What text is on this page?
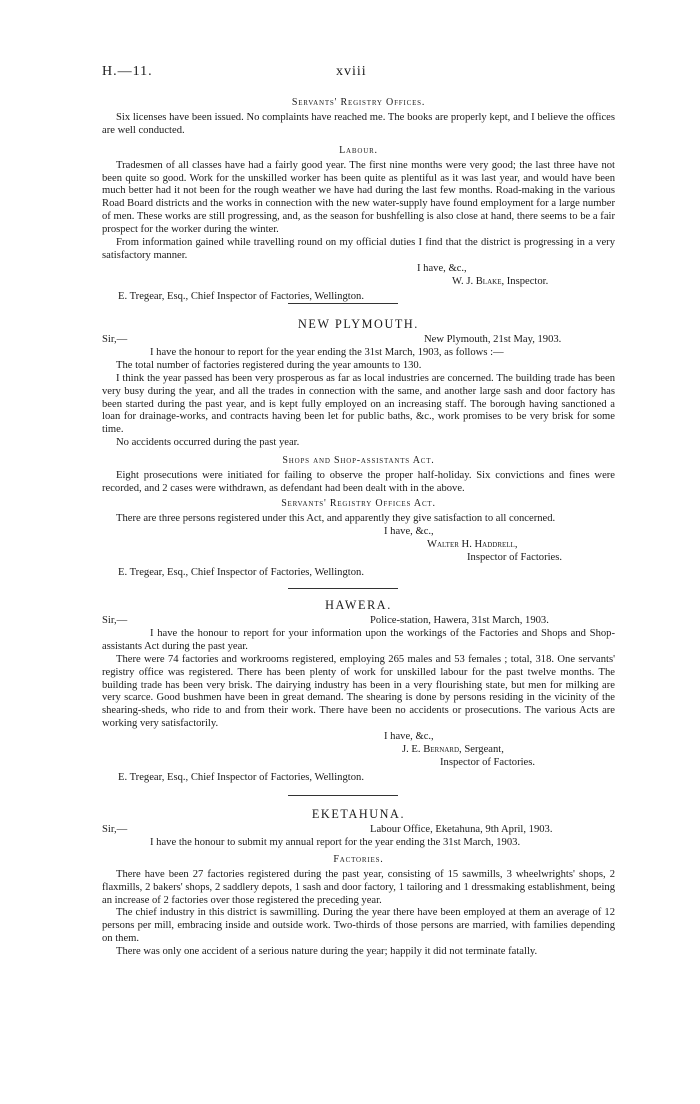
H.—11.	xviii
Servants' Registry Offices.

Six licenses have been issued. No complaints have reached me. The books are properly kept, and I believe the offices are well conducted.

Labour.

Tradesmen of all classes have had a fairly good year. The first nine months were very good; the last three have not been quite so good. Work for the unskilled worker has been quite as plentiful as it was last year, and would have been much better had it not been for the rough weather we have had during the last few months. Road-making in the various Road Board districts and the works in connection with the new water-supply have found employment for a large number of men. These works are still progressing, and, as the season for bushfelling is also close at hand, there seems to be a fair prospect for the worker during the winter.

From information gained while travelling round on my official duties I find that the district is progressing in a very satisfactory manner.

I have, &c.,
W. J. Blake, Inspector.
E. Tregear, Esq., Chief Inspector of Factories, Wellington.
NEW PLYMOUTH.
Sir,—	New Plymouth, 21st May, 1903.

I have the honour to report for the year ending the 31st March, 1903, as follows :—

The total number of factories registered during the year amounts to 130.

I think the year passed has been very prosperous as far as local industries are concerned. The building trade has been very busy during the year, and all the trades in connection with the same, and another large sash and door factory has been started during the past year, and is kept fully employed on an increasing staff. The borough having sanctioned a loan for drainage-works, and contracts having been let for public baths, &c., work promises to be very brisk for some time.

No accidents occurred during the past year.

Shops and Shop-assistants Act.

Eight prosecutions were initiated for failing to observe the proper half-holiday. Six convictions and fines were recorded, and 2 cases were withdrawn, as defendant had been dealt with in the above.

Servants' Registry Offices Act.

There are three persons registered under this Act, and apparently they give satisfaction to all concerned.

I have, &c.,
Walter H. Haddrell,
Inspector of Factories.
E. Tregear, Esq., Chief Inspector of Factories, Wellington.
HAWERA.
Sir,—	Police-station, Hawera, 31st March, 1903.

I have the honour to report for your information upon the workings of the Factories and Shops and Shop-assistants Act during the past year.

There were 74 factories and workrooms registered, employing 265 males and 53 females ; total, 318. One servants' registry office was registered. There has been plenty of work for unskilled labour for the past twelve months. The building trade has been very brisk. The dairying industry has been in a very flourishing state, but men for milking are very scarce. Good bushmen have been in great demand. The shearing is done by persons residing in the vicinity of the shearing-sheds, who ride to and from their work. There have been no accidents or prosecutions. The various Acts are working very satisfactorily.

I have, &c.,
J. E. Bernard, Sergeant,
Inspector of Factories.
E. Tregear, Esq., Chief Inspector of Factories, Wellington.
EKETAHUNA.
Sir,—	Labour Office, Eketahuna, 9th April, 1903.

I have the honour to submit my annual report for the year ending the 31st March, 1903.

Factories.

There have been 27 factories registered during the past year, consisting of 15 sawmills, 3 wheelwrights' shops, 2 flaxmills, 2 bakers' shops, 2 saddlery depots, 1 sash and door factory, 1 tailoring and 1 dressmaking establishment, being an increase of 2 factories over those registered the preceding year.

The chief industry in this district is sawmilling. During the year there have been employed at them an average of 12 persons per mill, embracing inside and outside work. Two-thirds of those persons are married, with families depending on them.

There was only one accident of a serious nature during the year; happily it did not terminate fatally.
